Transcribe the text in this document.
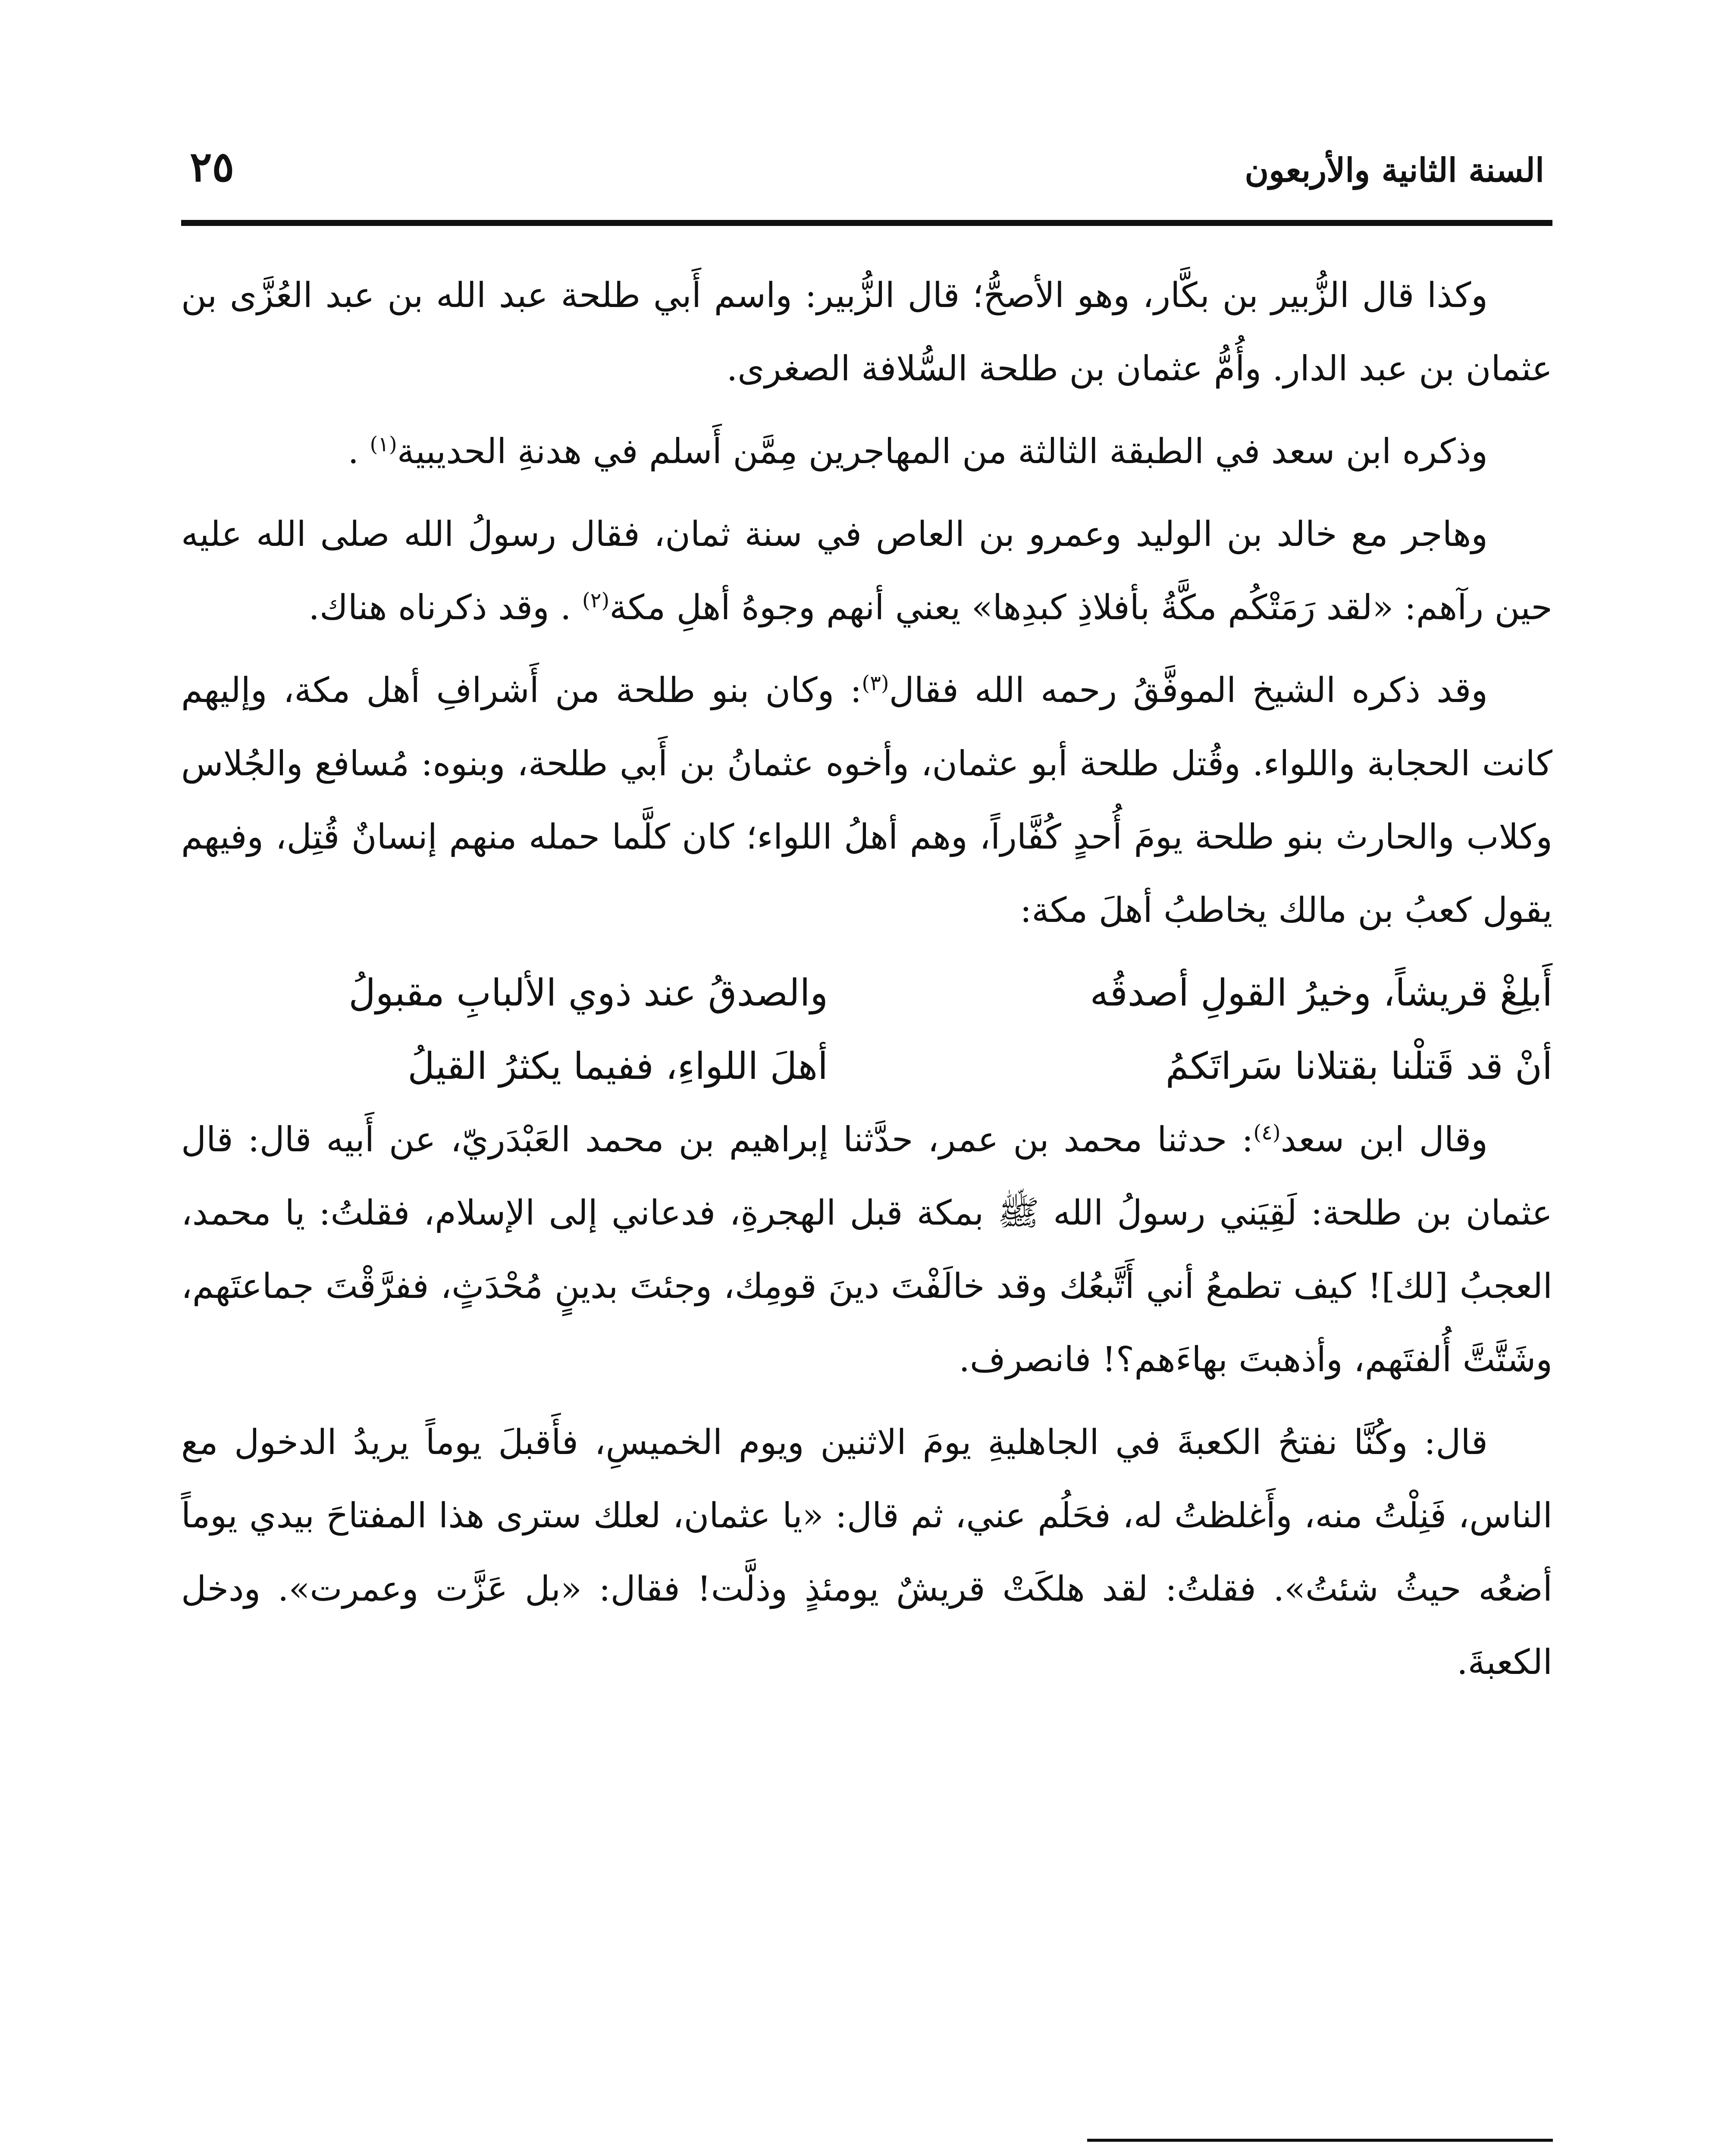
السنة الثانية والأربعون
٢٥

وكذا قال الزُّبير بن بكَّار، وهو الأصحُّ؛ قال الزُّبير: واسم أَبي طلحة عبد الله بن عبد العُزَّى بن عثمان بن عبد الدار. وأُمُّ عثمان بن طلحة السُّلافة الصغرى.

وذكره ابن سعد في الطبقة الثالثة من المهاجرين مِمَّن أَسلم في هدنةِ الحديبية$^{(١)}$ .

وهاجر مع خالد بن الوليد وعمرو بن العاص في سنة ثمان، فقال رسولُ الله صلى الله عليه حين رآهم: «لقد رَمَتْكُم مكَّةُ بأفلاذِ كبدِها» يعني أنهم وجوهُ أهلِ مكة$^{(٢)}$ . وقد ذكرناه هناك.

وقد ذكره الشيخ الموفَّقُ رحمه الله فقال$^{(٣)}$: وكان بنو طلحة من أَشرافِ أهل مكة، وإليهم كانت الحجابة واللواء. وقُتل طلحة أبو عثمان، وأخوه عثمانُ بن أَبي طلحة، وبنوه: مُسافع والجُلاس وكلاب والحارث بنو طلحة يومَ أُحدٍ كُفَّاراً، وهم أهلُ اللواء؛ كان كلَّما حمله منهم إنسانٌ قُتِل، وفيهم يقول كعبُ بن مالك يخاطبُ أهلَ مكة:

أَبلِغْ قريشاً، وخيرُ القولِ أصدقُه
والصدقُ عند ذوي الألبابِ مقبولُ
أنْ قد قَتلْنا بقتلانا سَراتَكمُ
أهلَ اللواءِ، ففيما يكثرُ القيلُ

وقال ابن سعد$^{(٤)}$: حدثنا محمد بن عمر، حدَّثنا إبراهيم بن محمد العَبْدَريّ، عن أَبيه قال: قال عثمان بن طلحة: لَقِيَني رسولُ الله ﷺ بمكة قبل الهجرةِ، فدعاني إلى الإسلام، فقلتُ: يا محمد، العجبُ [لك]! كيف تطمعُ أني أَتَّبعُك وقد خالَفْتَ دينَ قومِك، وجئتَ بدينٍ مُحْدَثٍ، ففرَّقْتَ جماعتَهم، وشَتَّتَّ أُلفتَهم، وأذهبتَ بهاءَهم؟! فانصرف.

قال: وكُنَّا نفتحُ الكعبةَ في الجاهليةِ يومَ الاثنين ويوم الخميسِ، فأَقبلَ يوماً يريدُ الدخول مع الناس، فَنِلْتُ منه، وأَغلظتُ له، فحَلُم عني، ثم قال: «يا عثمان، لعلك سترى هذا المفتاحَ بيدي يوماً أضعُه حيثُ شئتُ». فقلتُ: لقد هلكَتْ قريشٌ يومئذٍ وذلَّت! فقال: «بل عَزَّت وعمرت». ودخل الكعبةَ.
